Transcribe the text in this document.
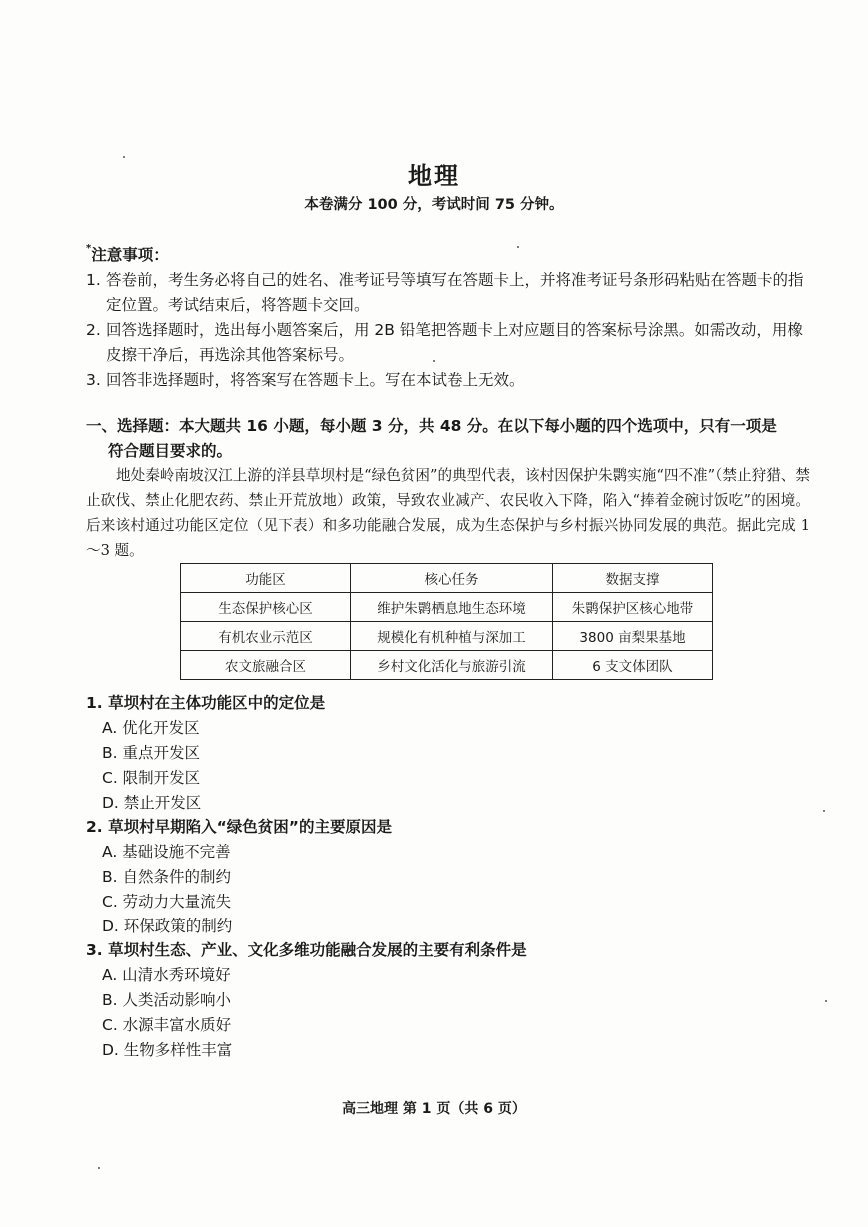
地理
本卷满分 100 分，考试时间 75 分钟。
*注意事项：
1. 答卷前，考生务必将自己的姓名、准考证号等填写在答题卡上，并将准考证号条形码粘贴在答题卡的指定位置。考试结束后，将答题卡交回。
2. 回答选择题时，选出每小题答案后，用 2B 铅笔把答题卡上对应题目的答案标号涂黑。如需改动，用橡皮擦干净后，再选涂其他答案标号。
3. 回答非选择题时，将答案写在答题卡上。写在本试卷上无效。
一、选择题：本大题共 16 小题，每小题 3 分，共 48 分。在以下每小题的四个选项中，只有一项是
符合题目要求的。
地处秦岭南坡汉江上游的洋县草坝村是“绿色贫困”的典型代表，该村因保护朱鹮实施“四不准”（禁止狩猎、禁止砍伐、禁止化肥农药、禁止开荒放地）政策，导致农业减产、农民收入下降，陷入“捧着金碗讨饭吃”的困境。后来该村通过功能区定位（见下表）和多功能融合发展，成为生态保护与乡村振兴协同发展的典范。据此完成 1～3 题。
功能区	核心任务	数据支撑
生态保护核心区	维护朱鹮栖息地生态环境	朱鹮保护区核心地带
有机农业示范区	规模化有机种植与深加工	3800 亩梨果基地
农文旅融合区	乡村文化活化与旅游引流	6 支文体团队
1. 草坝村在主体功能区中的定位是
A. 优化开发区
B. 重点开发区
C. 限制开发区
D. 禁止开发区
2. 草坝村早期陷入“绿色贫困”的主要原因是
A. 基础设施不完善
B. 自然条件的制约
C. 劳动力大量流失
D. 环保政策的制约
3. 草坝村生态、产业、文化多维功能融合发展的主要有利条件是
A. 山清水秀环境好
B. 人类活动影响小
C. 水源丰富水质好
D. 生物多样性丰富
高三地理 第 1 页（共 6 页）
